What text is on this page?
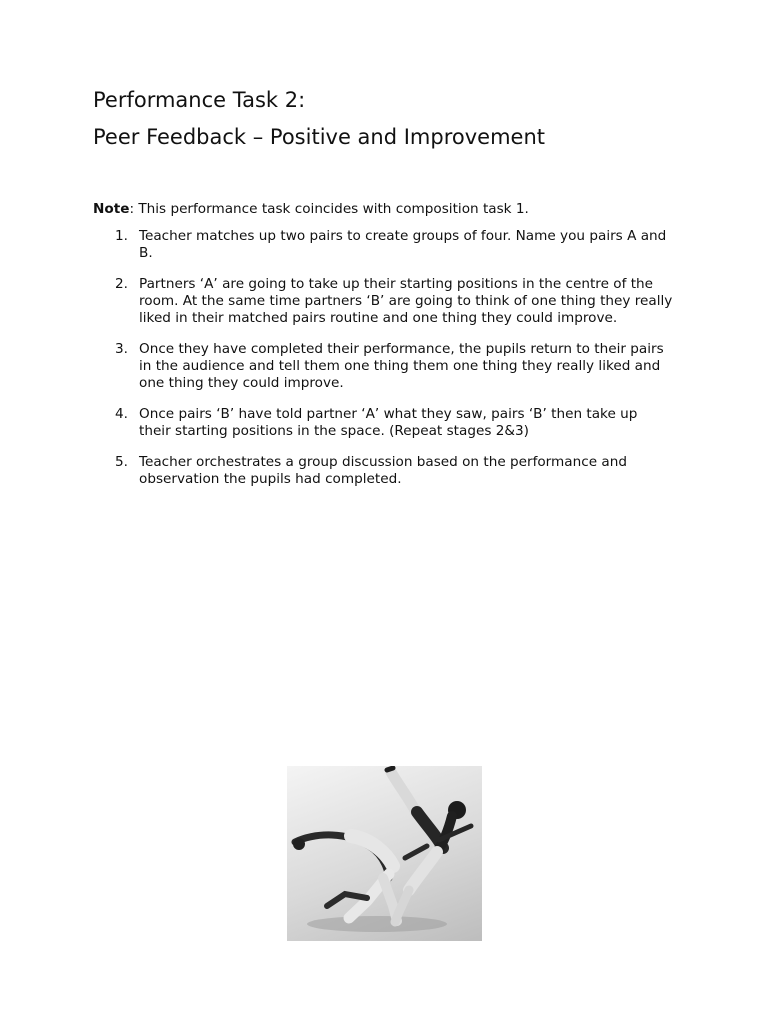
Performance Task 2:
Peer Feedback – Positive and Improvement

Note: This performance task coincides with composition task 1.

1. Teacher matches up two pairs to create groups of four. Name you pairs A and B.
2. Partners ‘A’ are going to take up their starting positions in the centre of the room. At the same time partners ‘B’ are going to think of one thing they really liked in their matched pairs routine and one thing they could improve.
3. Once they have completed their performance, the pupils return to their pairs in the audience and tell them one thing them one thing they really liked and one thing they could improve.
4. Once pairs ‘B’ have told partner ‘A’ what they saw, pairs ‘B’ then take up their starting positions in the space. (Repeat stages 2&3)
5. Teacher orchestrates a group discussion based on the performance and observation the pupils had completed.
